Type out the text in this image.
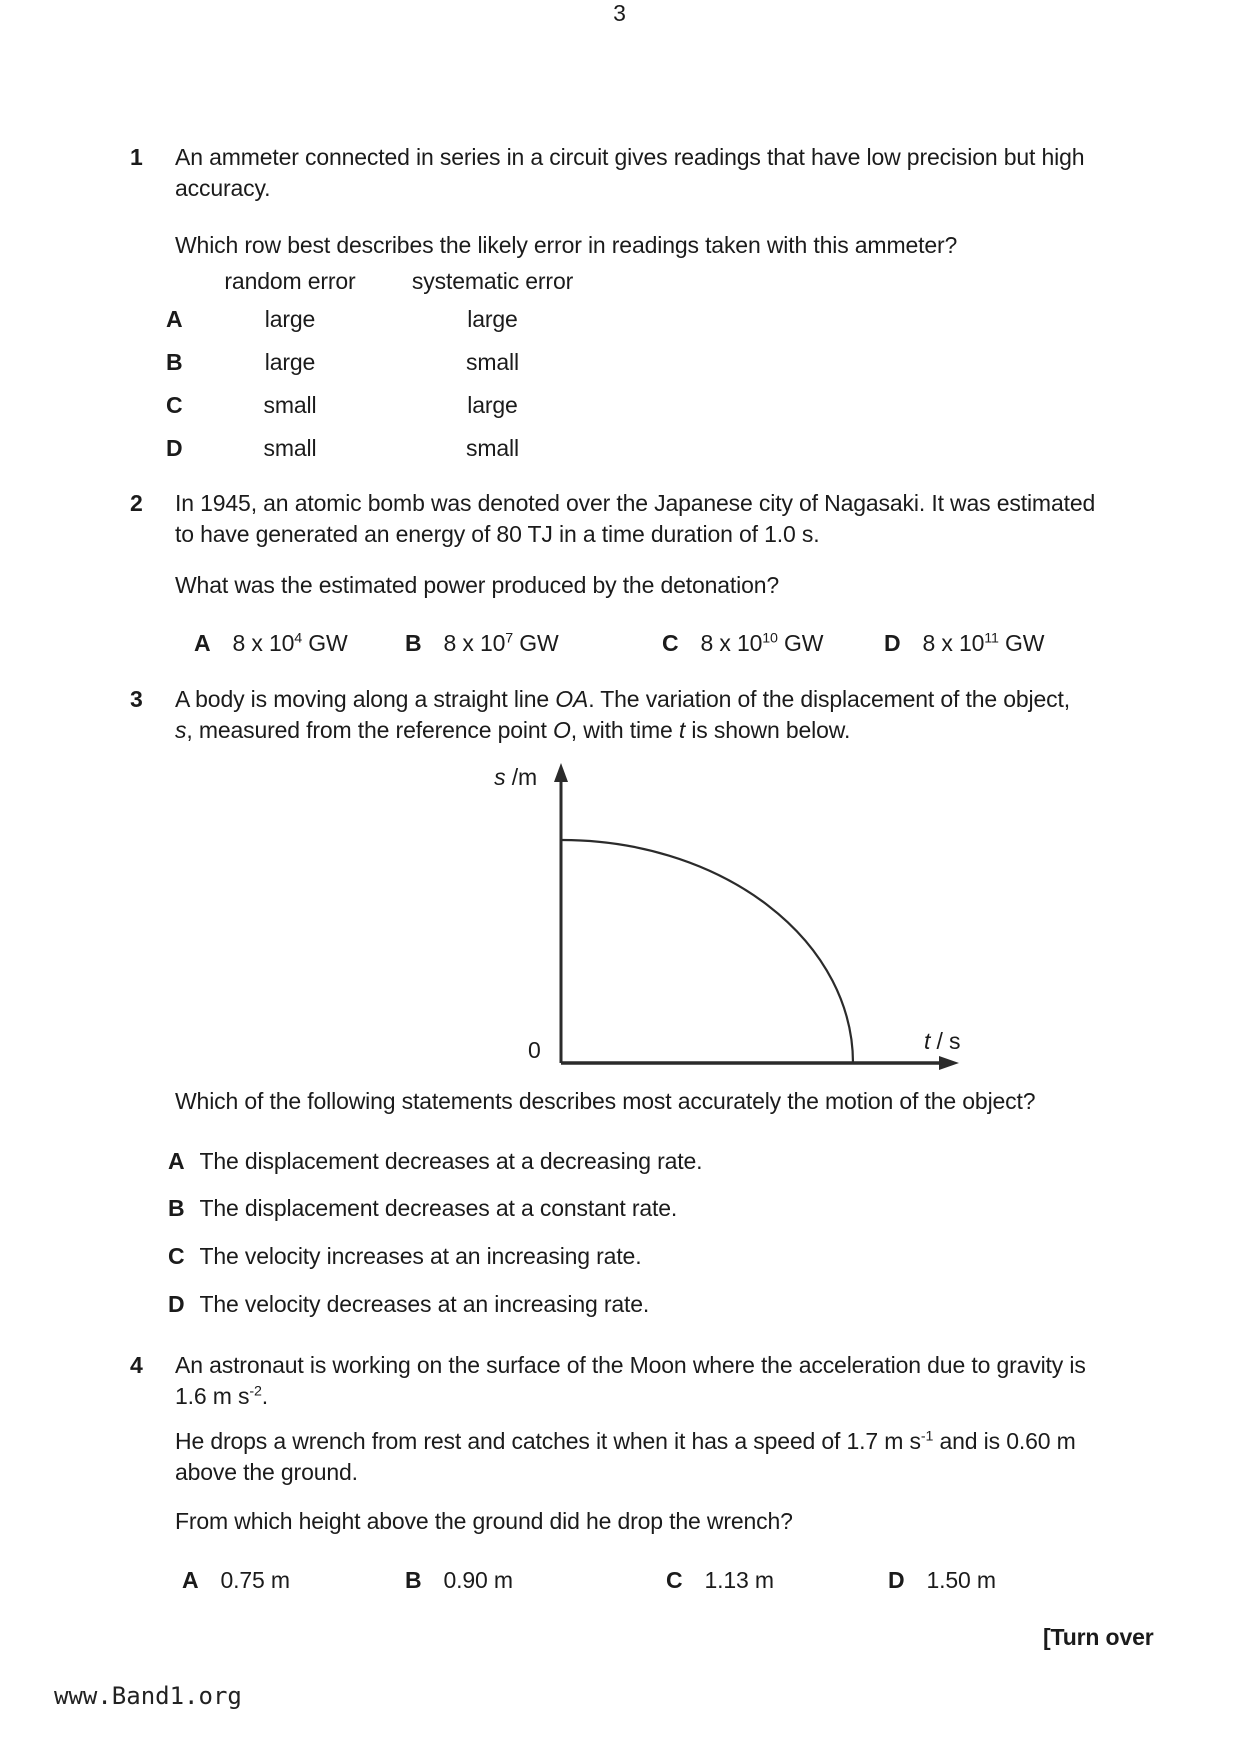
3
1 An ammeter connected in series in a circuit gives readings that have low precision but high
accuracy.
Which row best describes the likely error in readings taken with this ammeter?
random error	systematic error
A	large	large
B	large	small
C	small	large
D	small	small
2 In 1945, an atomic bomb was denoted over the Japanese city of Nagasaki. It was estimated
to have generated an energy of 80 TJ in a time duration of 1.0 s.
What was the estimated power produced by the detonation?
A 8 x $10^4$ GW B 8 x $10^7$ GW	C 8 x $10^{10}$ GW	D 8 x $10^{11}$ GW
3 A body is moving along a straight line OA. The variation of the displacement of the object,
s, measured from the reference point O, with time t is shown below.
s /m
t / s
0
Which of the following statements describes most accurately the motion of the object?
A The displacement decreases at a decreasing rate.
B The displacement decreases at a constant rate.
C The velocity increases at an increasing rate.
D The velocity decreases at an increasing rate.
4 An astronaut is working on the surface of the Moon where the acceleration due to gravity is
1.6 m $s^{-2}$.
He drops a wrench from rest and catches it when it has a speed of 1.7 m $s^{-1}$ and is 0.60 m
above the ground.
From which height above the ground did he drop the wrench?
A 0.75 m	B 0.90 m	C 1.13 m	D 1.50 m
[Turn over
www.Band1.org
